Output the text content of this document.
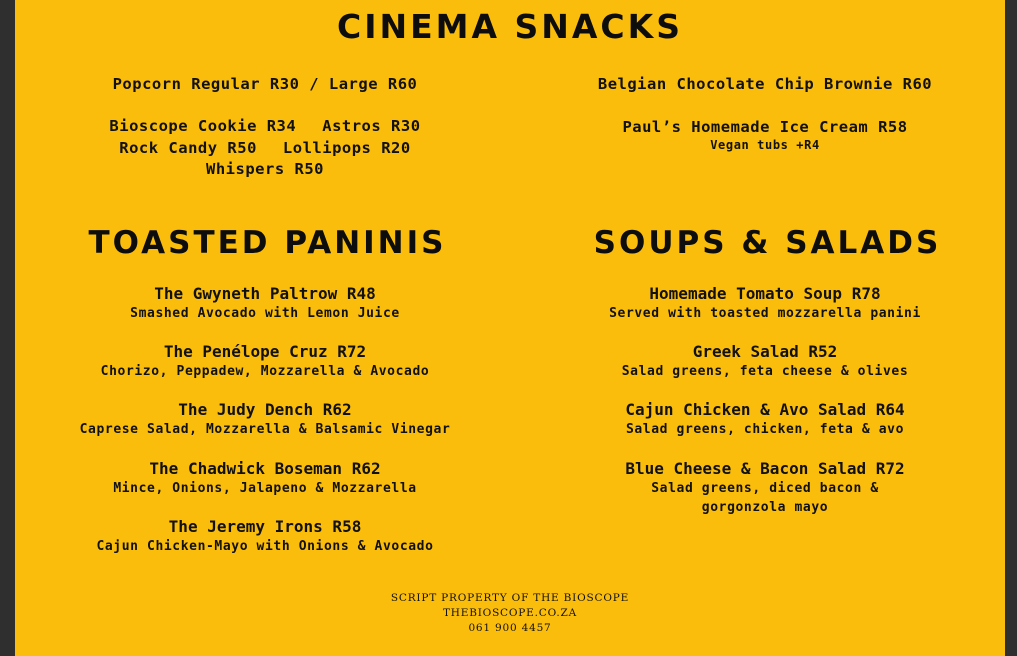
CINEMA SNACKS
Popcorn Regular R30 / Large R60
Bioscope Cookie R34 Astros R30
Rock Candy R50 Lollipops R20
Whispers R50
Belgian Chocolate Chip Brownie R60
Paul’s Homemade Ice Cream R58
Vegan tubs +R4
TOASTED PANINIS
The Gwyneth Paltrow R48
Smashed Avocado with Lemon Juice
The Penélope Cruz R72
Chorizo, Peppadew, Mozzarella & Avocado
The Judy Dench R62
Caprese Salad, Mozzarella & Balsamic Vinegar
The Chadwick Boseman R62
Mince, Onions, Jalapeno & Mozzarella
The Jeremy Irons R58
Cajun Chicken-Mayo with Onions & Avocado
SOUPS & SALADS
Homemade Tomato Soup R78
Served with toasted mozzarella panini
Greek Salad R52
Salad greens, feta cheese & olives
Cajun Chicken & Avo Salad R64
Salad greens, chicken, feta & avo
Blue Cheese & Bacon Salad R72
Salad greens, diced bacon &
gorgonzola mayo
SCRIPT PROPERTY OF THE BIOSCOPE
THEBIOSCOPE.CO.ZA
061 900 4457
